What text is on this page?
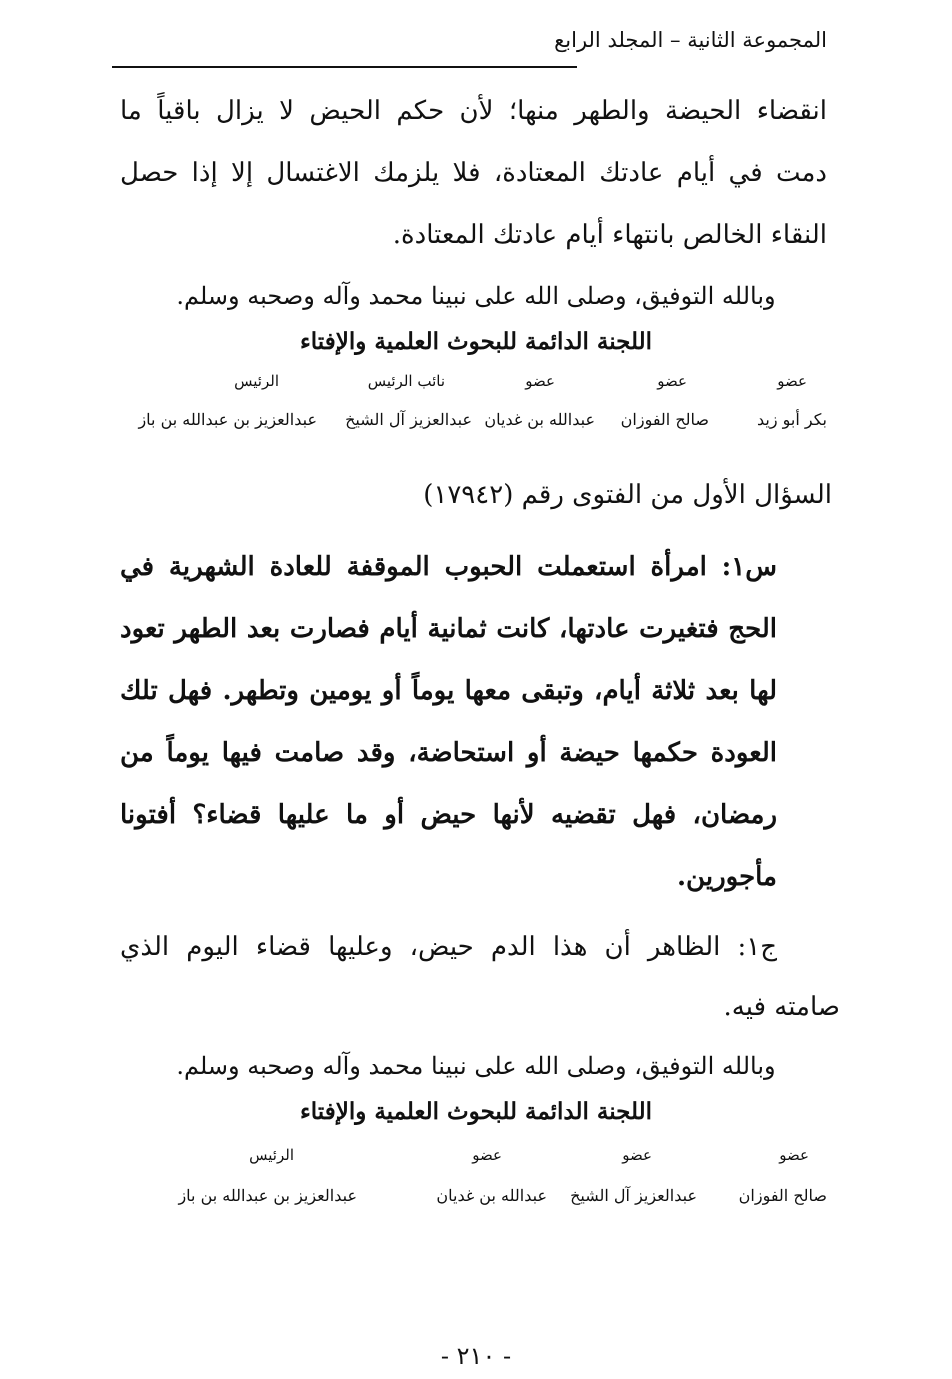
المجموعة الثانية – المجلد الرابع
انقضاء الحيضة والطهر منها؛ لأن حكم الحيض لا يزال باقياً ما
دمت في أيام عادتك المعتادة، فلا يلزمك الاغتسال إلا إذا حصل
النقاء الخالص بانتهاء أيام عادتك المعتادة.
وبالله التوفيق، وصلى الله على نبينا محمد وآله وصحبه وسلم.
اللجنة الدائمة للبحوث العلمية والإفتاء
عضو
عضو
عضو
نائب الرئيس
الرئيس
بكر أبو زيد
صالح الفوزان
عبدالله بن غديان
عبدالعزيز آل الشيخ
عبدالعزيز بن عبدالله بن باز
السؤال الأول من الفتوى رقم (١٧٩٤٢)
س١: امرأة استعملت الحبوب الموقفة للعادة الشهرية في
الحج فتغيرت عادتها، كانت ثمانية أيام فصارت بعد الطهر تعود
لها بعد ثلاثة أيام، وتبقى معها يوماً أو يومين وتطهر. فهل تلك
العودة حكمها حيضة أو استحاضة، وقد صامت فيها يوماً من
رمضان، فهل تقضيه لأنها حيض أو ما عليها قضاء؟ أفتونا
مأجورين.
ج١: الظاهر أن هذا الدم حيض، وعليها قضاء اليوم الذي
صامته فيه.
وبالله التوفيق، وصلى الله على نبينا محمد وآله وصحبه وسلم.
اللجنة الدائمة للبحوث العلمية والإفتاء
عضو
عضو
عضو
الرئيس
صالح الفوزان
عبدالعزيز آل الشيخ
عبدالله بن غديان
عبدالعزيز بن عبدالله بن باز
- ٢١٠ -
